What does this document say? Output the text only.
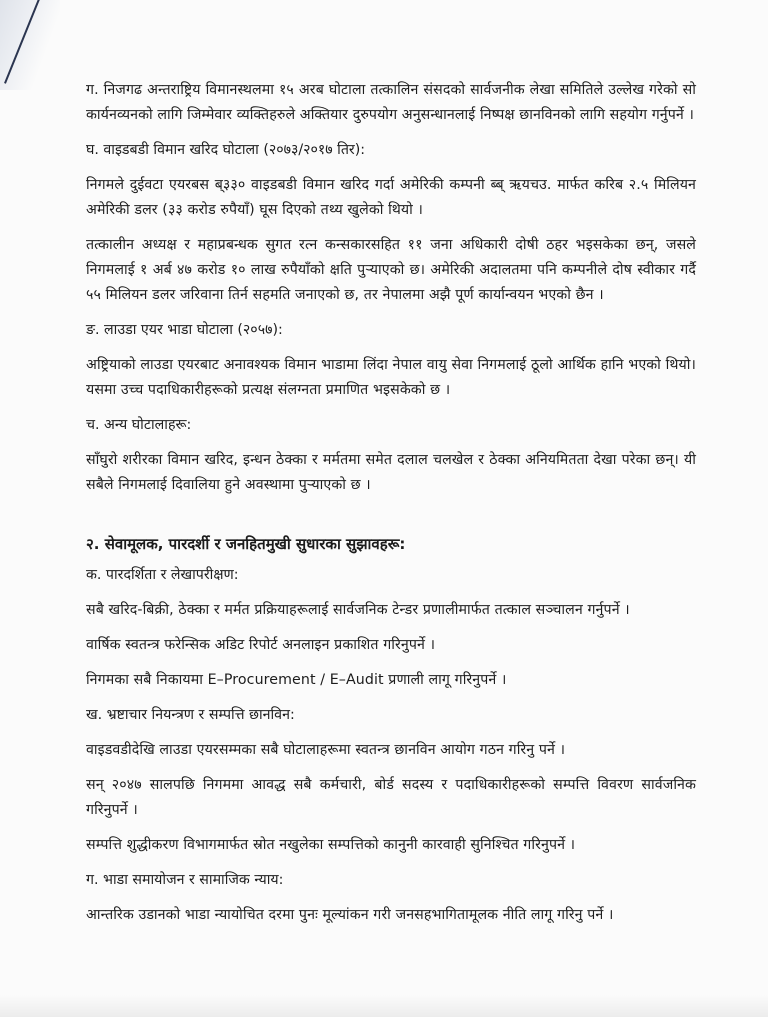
ग. निजगढ अन्तराष्ट्रिय विमानस्थलमा १५ अरब घोटाला तत्कालिन संसदको सार्वजनीक लेखा समितिले उल्लेख गरेको सो कार्यनव्यनको लागि जिम्मेवार व्यक्तिहरुले अक्तियार दुरुपयोग अनुसन्धानलाई निष्पक्ष छानविनको लागि सहयोग गर्नुपर्ने ।

घ. वाइडबडी विमान खरिद घोटाला (२०७३/२०१७ तिर):

निगमले दुईवटा एयरबस ब्३३० वाइडबडी विमान खरिद गर्दा अमेरिकी कम्पनी ब्ब् ऋयचउ. मार्फत करिब २.५ मिलियन अमेरिकी डलर (३३ करोड रुपैयाँ) घूस दिएको तथ्य खुलेको थियो ।

तत्कालीन अध्यक्ष र महाप्रबन्धक सुगत रत्न कन्सकारसहित ११ जना अधिकारी दोषी ठहर भइसकेका छन्, जसले निगमलाई १ अर्ब ४७ करोड १० लाख रुपैयाँको क्षति पुऱ्याएको छ। अमेरिकी अदालतमा पनि कम्पनीले दोष स्वीकार गर्दै ५५ मिलियन डलर जरिवाना तिर्न सहमति जनाएको छ, तर नेपालमा अझै पूर्ण कार्यान्वयन भएको छैन ।

ङ. लाउडा एयर भाडा घोटाला (२०५७):

अष्ट्रियाको लाउडा एयरबाट अनावश्यक विमान भाडामा लिंदा नेपाल वायु सेवा निगमलाई ठूलो आर्थिक हानि भएको थियो। यसमा उच्च पदाधिकारीहरूको प्रत्यक्ष संलग्नता प्रमाणित भइसकेको छ ।

च. अन्य घोटालाहरू:

साँघुरो शरीरका विमान खरिद, इन्धन ठेक्का र मर्मतमा समेत दलाल चलखेल र ठेक्का अनियमितता देखा परेका छन्। यी सबैले निगमलाई दिवालिया हुने अवस्थामा पुऱ्याएको छ ।

२. सेवामूलक, पारदर्शी र जनहितमुखी सुधारका सुझावहरू:

क. पारदर्शिता र लेखापरीक्षण:

सबै खरिद-बिक्री, ठेक्का र मर्मत प्रक्रियाहरूलाई सार्वजनिक टेन्डर प्रणालीमार्फत तत्काल सञ्चालन गर्नुपर्ने ।

वार्षिक स्वतन्त्र फरेन्सिक अडिट रिपोर्ट अनलाइन प्रकाशित गरिनुपर्ने ।

निगमका सबै निकायमा E–Procurement / E–Audit प्रणाली लागू गरिनुपर्ने ।

ख. भ्रष्टाचार नियन्त्रण र सम्पत्ति छानविन:

वाइडवडीदेखि लाउडा एयरसम्मका सबै घोटालाहरूमा स्वतन्त्र छानविन आयोग गठन गरिनु पर्ने ।

सन् २०४७ सालपछि निगममा आवद्ध सबै कर्मचारी, बोर्ड सदस्य र पदाधिकारीहरूको सम्पत्ति विवरण सार्वजनिक गरिनुपर्ने ।

सम्पत्ति शुद्धीकरण विभागमार्फत स्रोत नखुलेका सम्पत्तिको कानुनी कारवाही सुनिश्चित गरिनुपर्ने ।

ग. भाडा समायोजन र सामाजिक न्याय:

आन्तरिक उडानको भाडा न्यायोचित दरमा पुनः मूल्यांकन गरी जनसहभागितामूलक नीति लागू गरिनु पर्ने ।
